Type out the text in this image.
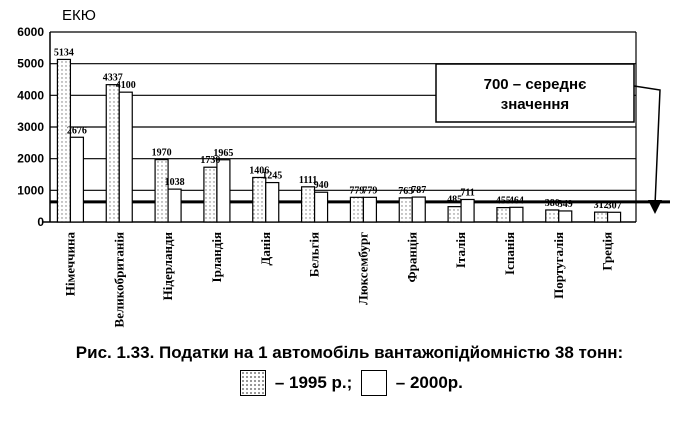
ЕКЮ
0
1000
2000
3000
4000
5000
6000
5134
2676
4337
4100
1970
1038
1730
1965
1406
1245 1111
940 779
779 763
787
485
711
455
464 380
349 312
307
Німеччина	Великобританія	Нідерланди	Ірландія	Данія	Бельгія	Люксембург	Франція	Італія	Іспанія	Португалія	Греція
700 – середнє
значення
Рис. 1.33. Податки на 1 автомобіль вантажопідйомністю 38 тонн:
– 1995 р.;	– 2000р.
